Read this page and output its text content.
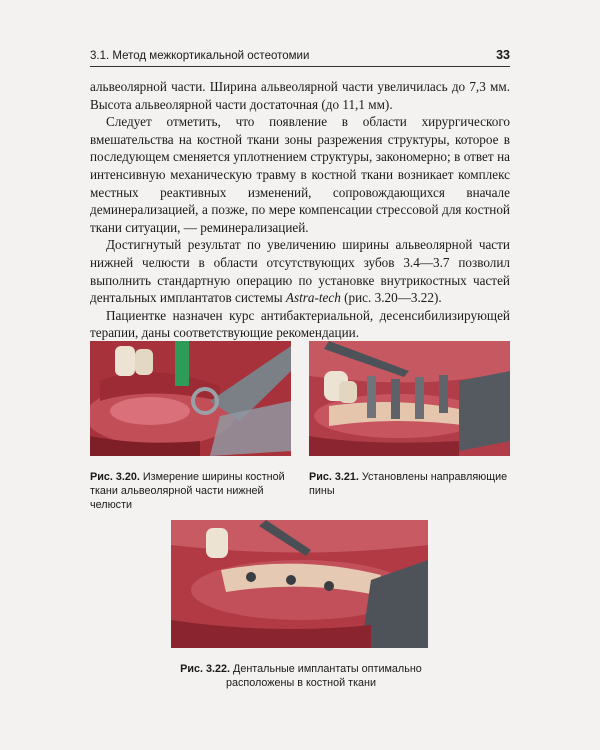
3.1. Метод межкортикальной остеотомии	33

альвеолярной части. Ширина альвеолярной части увеличилась до 7,3 мм. Высота альвеолярной части достаточная (до 11,1 мм).

Следует отметить, что появление в области хирургического вмешательства на костной ткани зоны разрежения структуры, которое в последующем сменяется уплотнением структуры, закономерно; в ответ на интенсивную механическую травму в костной ткани возникает комплекс местных реактивных изменений, сопровождающихся вначале деминерализацией, а позже, по мере компенсации стрессовой для костной ткани ситуации, — реминерализацией.

Достигнутый результат по увеличению ширины альвеолярной части нижней челюсти в области отсутствующих зубов 3.4—3.7 позволил выполнить стандартную операцию по установке внутрикостных частей дентальных имплантатов системы Astra-tech (рис. 3.20—3.22).

Пациентке назначен курс антибактериальной, десенсибилизирующей терапии, даны соответствующие рекомендации.

Рис. 3.20. Измерение ширины костной ткани альвеолярной части нижней челюсти
Рис. 3.21. Установлены направляющие пины
Рис. 3.22. Дентальные имплантаты оптимально расположены в костной ткани
